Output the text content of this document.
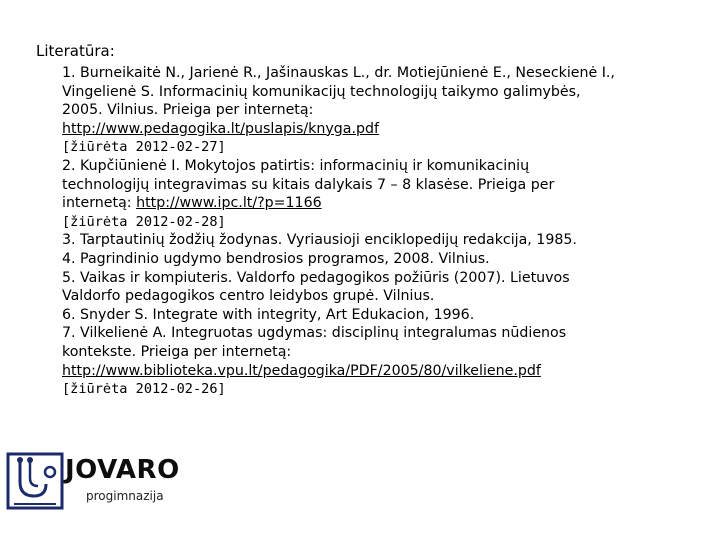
Literatūra:
1. Burneikaitė N., Jarienė R., Jašinauskas L., dr. Motiejūnienė E., Neseckienė I.,
Vingelienė S. Informacinių komunikacijų technologijų taikymo galimybės,
2005. Vilnius. Prieiga per internetą:
http://www.pedagogika.lt/puslapis/knyga.pdf
[žiūrėta 2012-02-27]
2. Kupčiūnienė I. Mokytojos patirtis: informacinių ir komunikacinių
technologijų integravimas su kitais dalykais 7 – 8 klasėse. Prieiga per
internetą: http://www.ipc.lt/?p=1166
[žiūrėta 2012-02-28]
3. Tarptautinių žodžių žodynas. Vyriausioji enciklopedijų redakcija, 1985.
4. Pagrindinio ugdymo bendrosios programos, 2008. Vilnius.
5. Vaikas ir kompiuteris. Valdorfo pedagogikos požiūris (2007). Lietuvos
Valdorfo pedagogikos centro leidybos grupė. Vilnius.
6. Snyder S. Integrate with integrity, Art Edukacion, 1996.
7. Vilkelienė A. Integruotas ugdymas: disciplinų integralumas nūdienos
kontekste. Prieiga per internetą:
http://www.biblioteka.vpu.lt/pedagogika/PDF/2005/80/vilkeliene.pdf
[žiūrėta 2012-02-26]
JOVARO
progimnazija
